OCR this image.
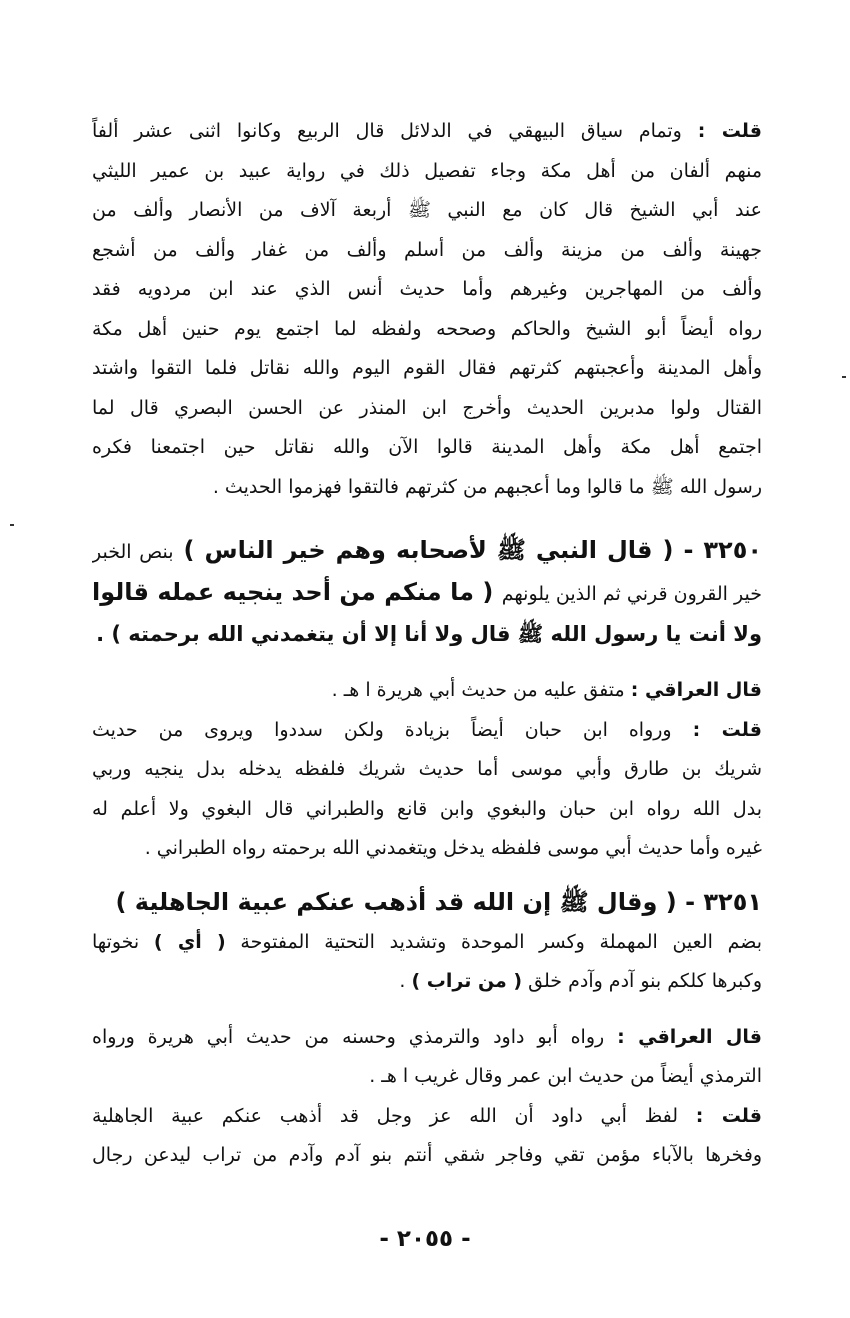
قلت : وتمام سياق البيهقي في الدلائل قال الربيع وكانوا اثنى عشر ألفاً
منهم ألفان من أهل مكة وجاء تفصيل ذلك في رواية عبيد بن عمير الليثي
عند أبي الشيخ قال كان مع النبي ﷺ أربعة آلاف من الأنصار وألف من
جهينة وألف من مزينة وألف من أسلم وألف من غفار وألف من أشجع
وألف من المهاجرين وغيرهم وأما حديث أنس الذي عند ابن مردويه فقد
رواه أيضاً أبو الشيخ والحاكم وصححه ولفظه لما اجتمع يوم حنين أهل مكة
وأهل المدينة وأعجبتهم كثرتهم فقال القوم اليوم والله نقاتل فلما التقوا واشتد
القتال ولوا مدبرين الحديث وأخرج ابن المنذر عن الحسن البصري قال لما
اجتمع أهل مكة وأهل المدينة قالوا الآن والله نقاتل حين اجتمعنا فكره
رسول الله ﷺ ما قالوا وما أعجبهم من كثرتهم فالتقوا فهزموا الحديث .
٣٢٥٠ - ( قال النبي ﷺ لأصحابه وهم خير الناس ) بنص الخبر
خير القرون قرني ثم الذين يلونهم ( ما منكم من أحد ينجيه عمله قالوا
ولا أنت يا رسول الله ﷺ قال ولا أنا إلا أن يتغمدني الله برحمته ) .
قال العراقي : متفق عليه من حديث أبي هريرة ا هـ .
قلت : ورواه ابن حبان أيضاً بزيادة ولكن سددوا ويروى من حديث
شريك بن طارق وأبي موسى أما حديث شريك فلفظه يدخله بدل ينجيه وربي
بدل الله رواه ابن حبان والبغوي وابن قانع والطبراني قال البغوي ولا أعلم له
غيره وأما حديث أبي موسى فلفظه يدخل ويتغمدني الله برحمته رواه الطبراني .
٣٢٥١ - ( وقال ﷺ إن الله قد أذهب عنكم عبية الجاهلية )
بضم العين المهملة وكسر الموحدة وتشديد التحتية المفتوحة ( أي ) نخوتها
وكبرها كلكم بنو آدم وآدم خلق ( من تراب ) .
قال العراقي : رواه أبو داود والترمذي وحسنه من حديث أبي هريرة ورواه
الترمذي أيضاً من حديث ابن عمر وقال غريب ا هـ .
قلت : لفظ أبي داود أن الله عز وجل قد أذهب عنكم عبية الجاهلية
وفخرها بالآباء مؤمن تقي وفاجر شقي أنتم بنو آدم وآدم من تراب ليدعن رجال
- ٢٠٥٥ -
